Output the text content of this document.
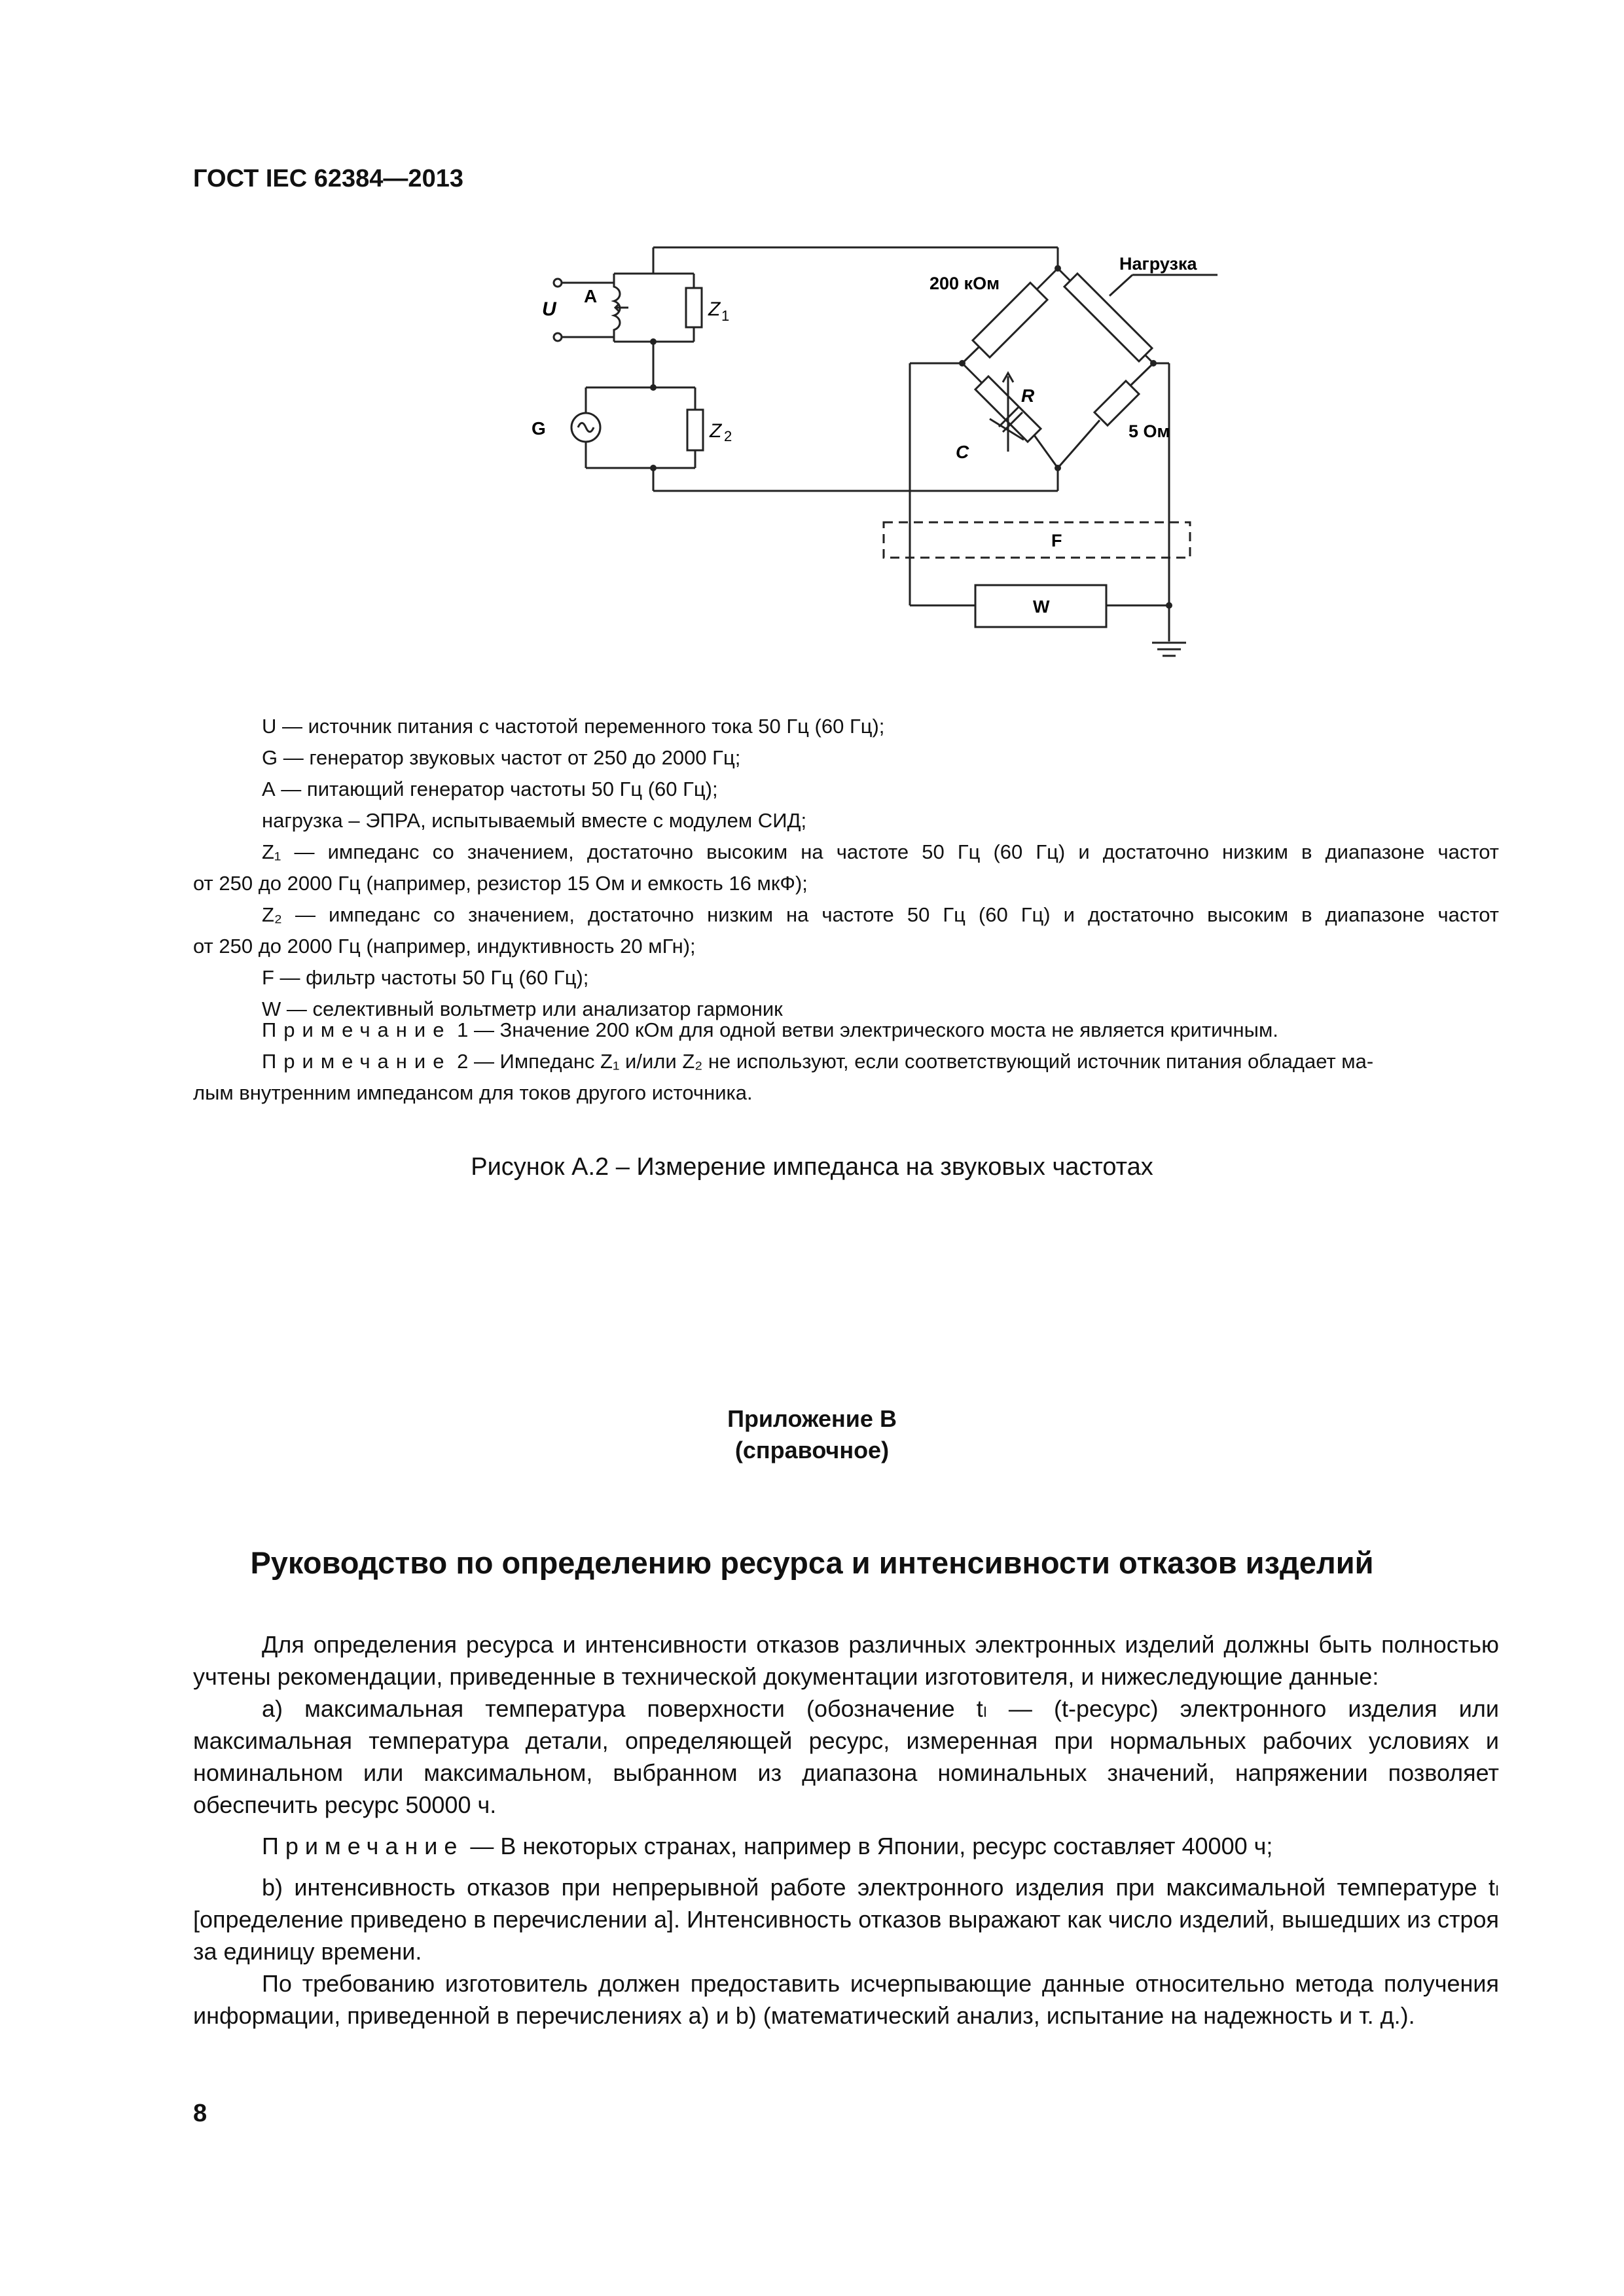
ГОСТ IEC 62384—2013
U
A
Z 1
G	Z 2
200 кОм
Нагрузка
R
C
5 Ом
F
W
U — источник питания с частотой переменного тока 50 Гц (60 Гц);
G — генератор звуковых частот от 250 до 2000 Гц;
А — питающий генератор частоты 50 Гц (60 Гц);
нагрузка – ЭПРА, испытываемый вместе с модулем СИД;
Z₁ — импеданс со значением, достаточно высоким на частоте 50 Гц (60 Гц) и достаточно низким в диапазоне частот
от 250 до 2000 Гц (например, резистор 15 Ом и емкость 16 мкФ);
Z₂ — импеданс со значением, достаточно низким на частоте 50 Гц (60 Гц) и достаточно высоким в диапазоне частот
от 250 до 2000 Гц (например, индуктивность 20 мГн);
F — фильтр частоты 50 Гц (60 Гц);
W — селективный вольтметр или анализатор гармоник
Примечание 1 — Значение 200 кОм для одной ветви электрического моста не является критичным.
Примечание 2 — Импеданс Z₁ и/или Z₂ не используют, если соответствующий источник питания обладает ма-
лым внутренним импедансом для токов другого источника.
Рисунок А.2 – Измерение импеданса на звуковых частотах
Приложение В
(справочное)
Руководство по определению ресурса и интенсивности отказов изделий

Для определения ресурса и интенсивности отказов различных электронных изделий должны быть полностью учтены рекомендации, приведенные в технической документации изготовителя, и нижеследующие данные:

а) максимальная температура поверхности (обозначение tₗ — (t-ресурс) электронного изделия или максимальная температура детали, определяющей ресурс, измеренная при нормальных рабочих условиях и номинальном или максимальном, выбранном из диапазона номинальных значений, напряжении позволяет обеспечить ресурс 50000 ч.

Примечание — В некоторых странах, например в Японии, ресурс составляет 40000 ч;

b) интенсивность отказов при непрерывной работе электронного изделия при максимальной температуре tₗ [определение приведено в перечислении a]. Интенсивность отказов выражают как число изделий, вышедших из строя за единицу времени.

По требованию изготовитель должен предоставить исчерпывающие данные относительно метода получения информации, приведенной в перечислениях a) и b) (математический анализ, испытание на надежность и т. д.).

8
